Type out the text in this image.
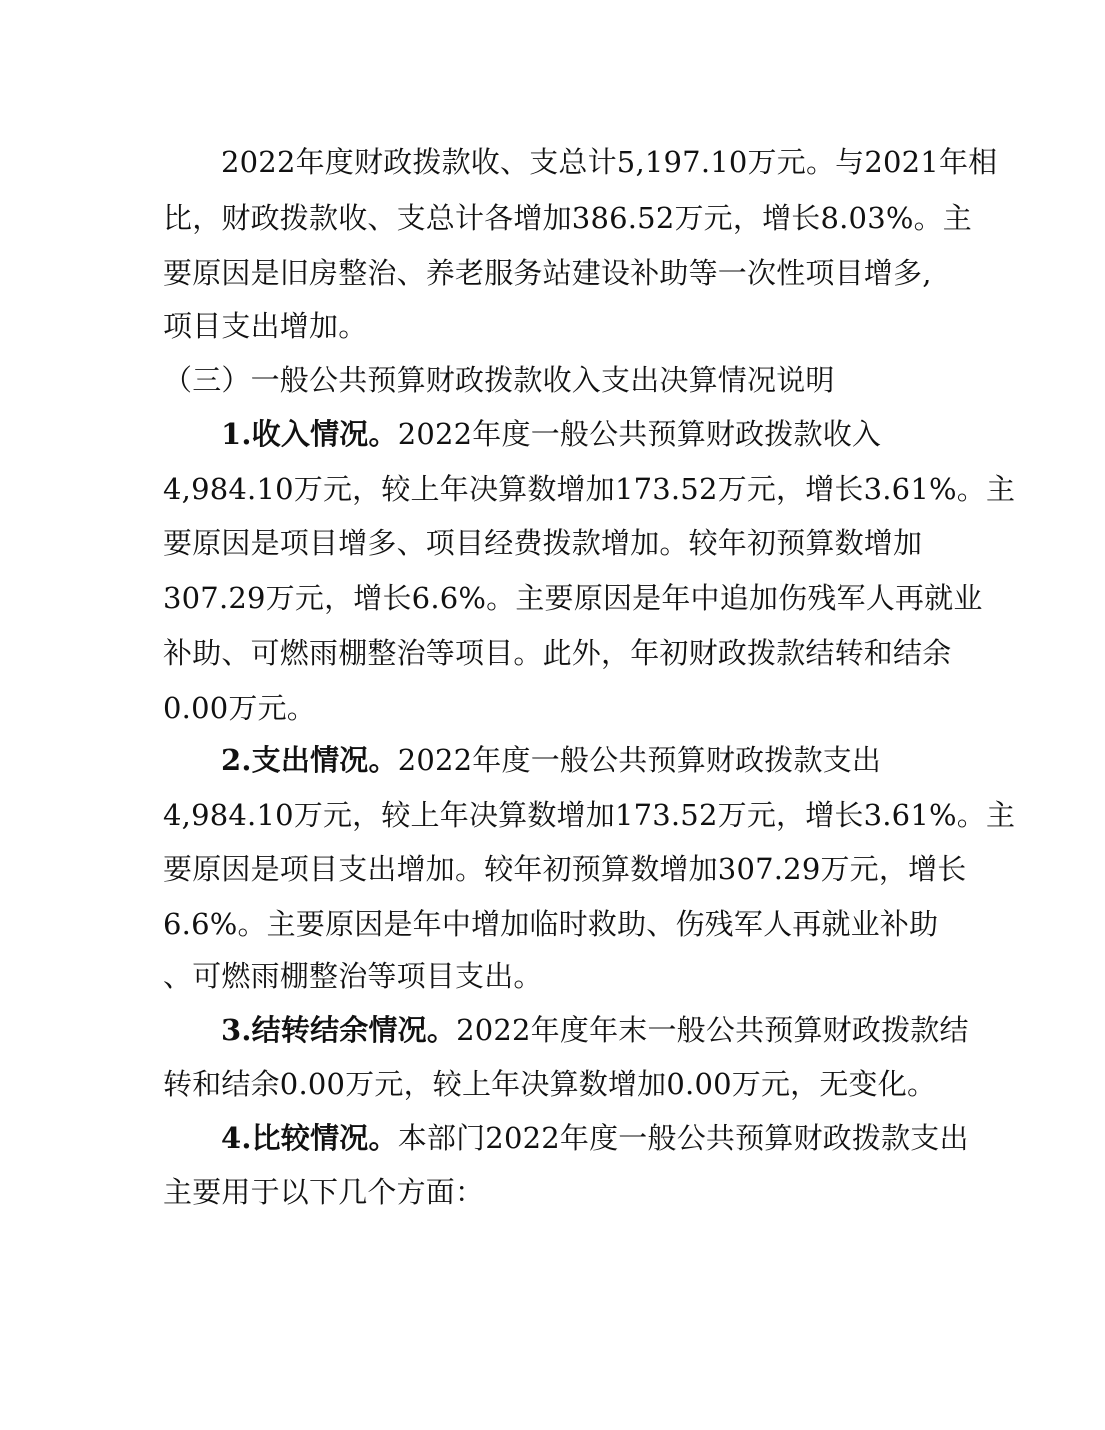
2022年度财政拨款收、支总计5,197.10万元。与2021年相
比，财政拨款收、支总计各增加386.52万元，增长8.03%。主
要原因是旧房整治、养老服务站建设补助等一次性项目增多,
项目支出增加。
（三）一般公共预算财政拨款收入支出决算情况说明
1.收入情况。2022年度一般公共预算财政拨款收入
4,984.10万元，较上年决算数增加173.52万元，增长3.61%。主
要原因是项目增多、项目经费拨款增加。较年初预算数增加
307.29万元，增长6.6%。主要原因是年中追加伤残军人再就业
补助、可燃雨棚整治等项目。此外，年初财政拨款结转和结余
0.00万元。
2.支出情况。2022年度一般公共预算财政拨款支出
4,984.10万元，较上年决算数增加173.52万元，增长3.61%。主
要原因是项目支出增加。较年初预算数增加307.29万元，增长
6.6%。主要原因是年中增加临时救助、伤残军人再就业补助
、可燃雨棚整治等项目支出。
3.结转结余情况。2022年度年末一般公共预算财政拨款结
转和结余0.00万元，较上年决算数增加0.00万元，无变化。
4.比较情况。本部门2022年度一般公共预算财政拨款支出
主要用于以下几个方面：
